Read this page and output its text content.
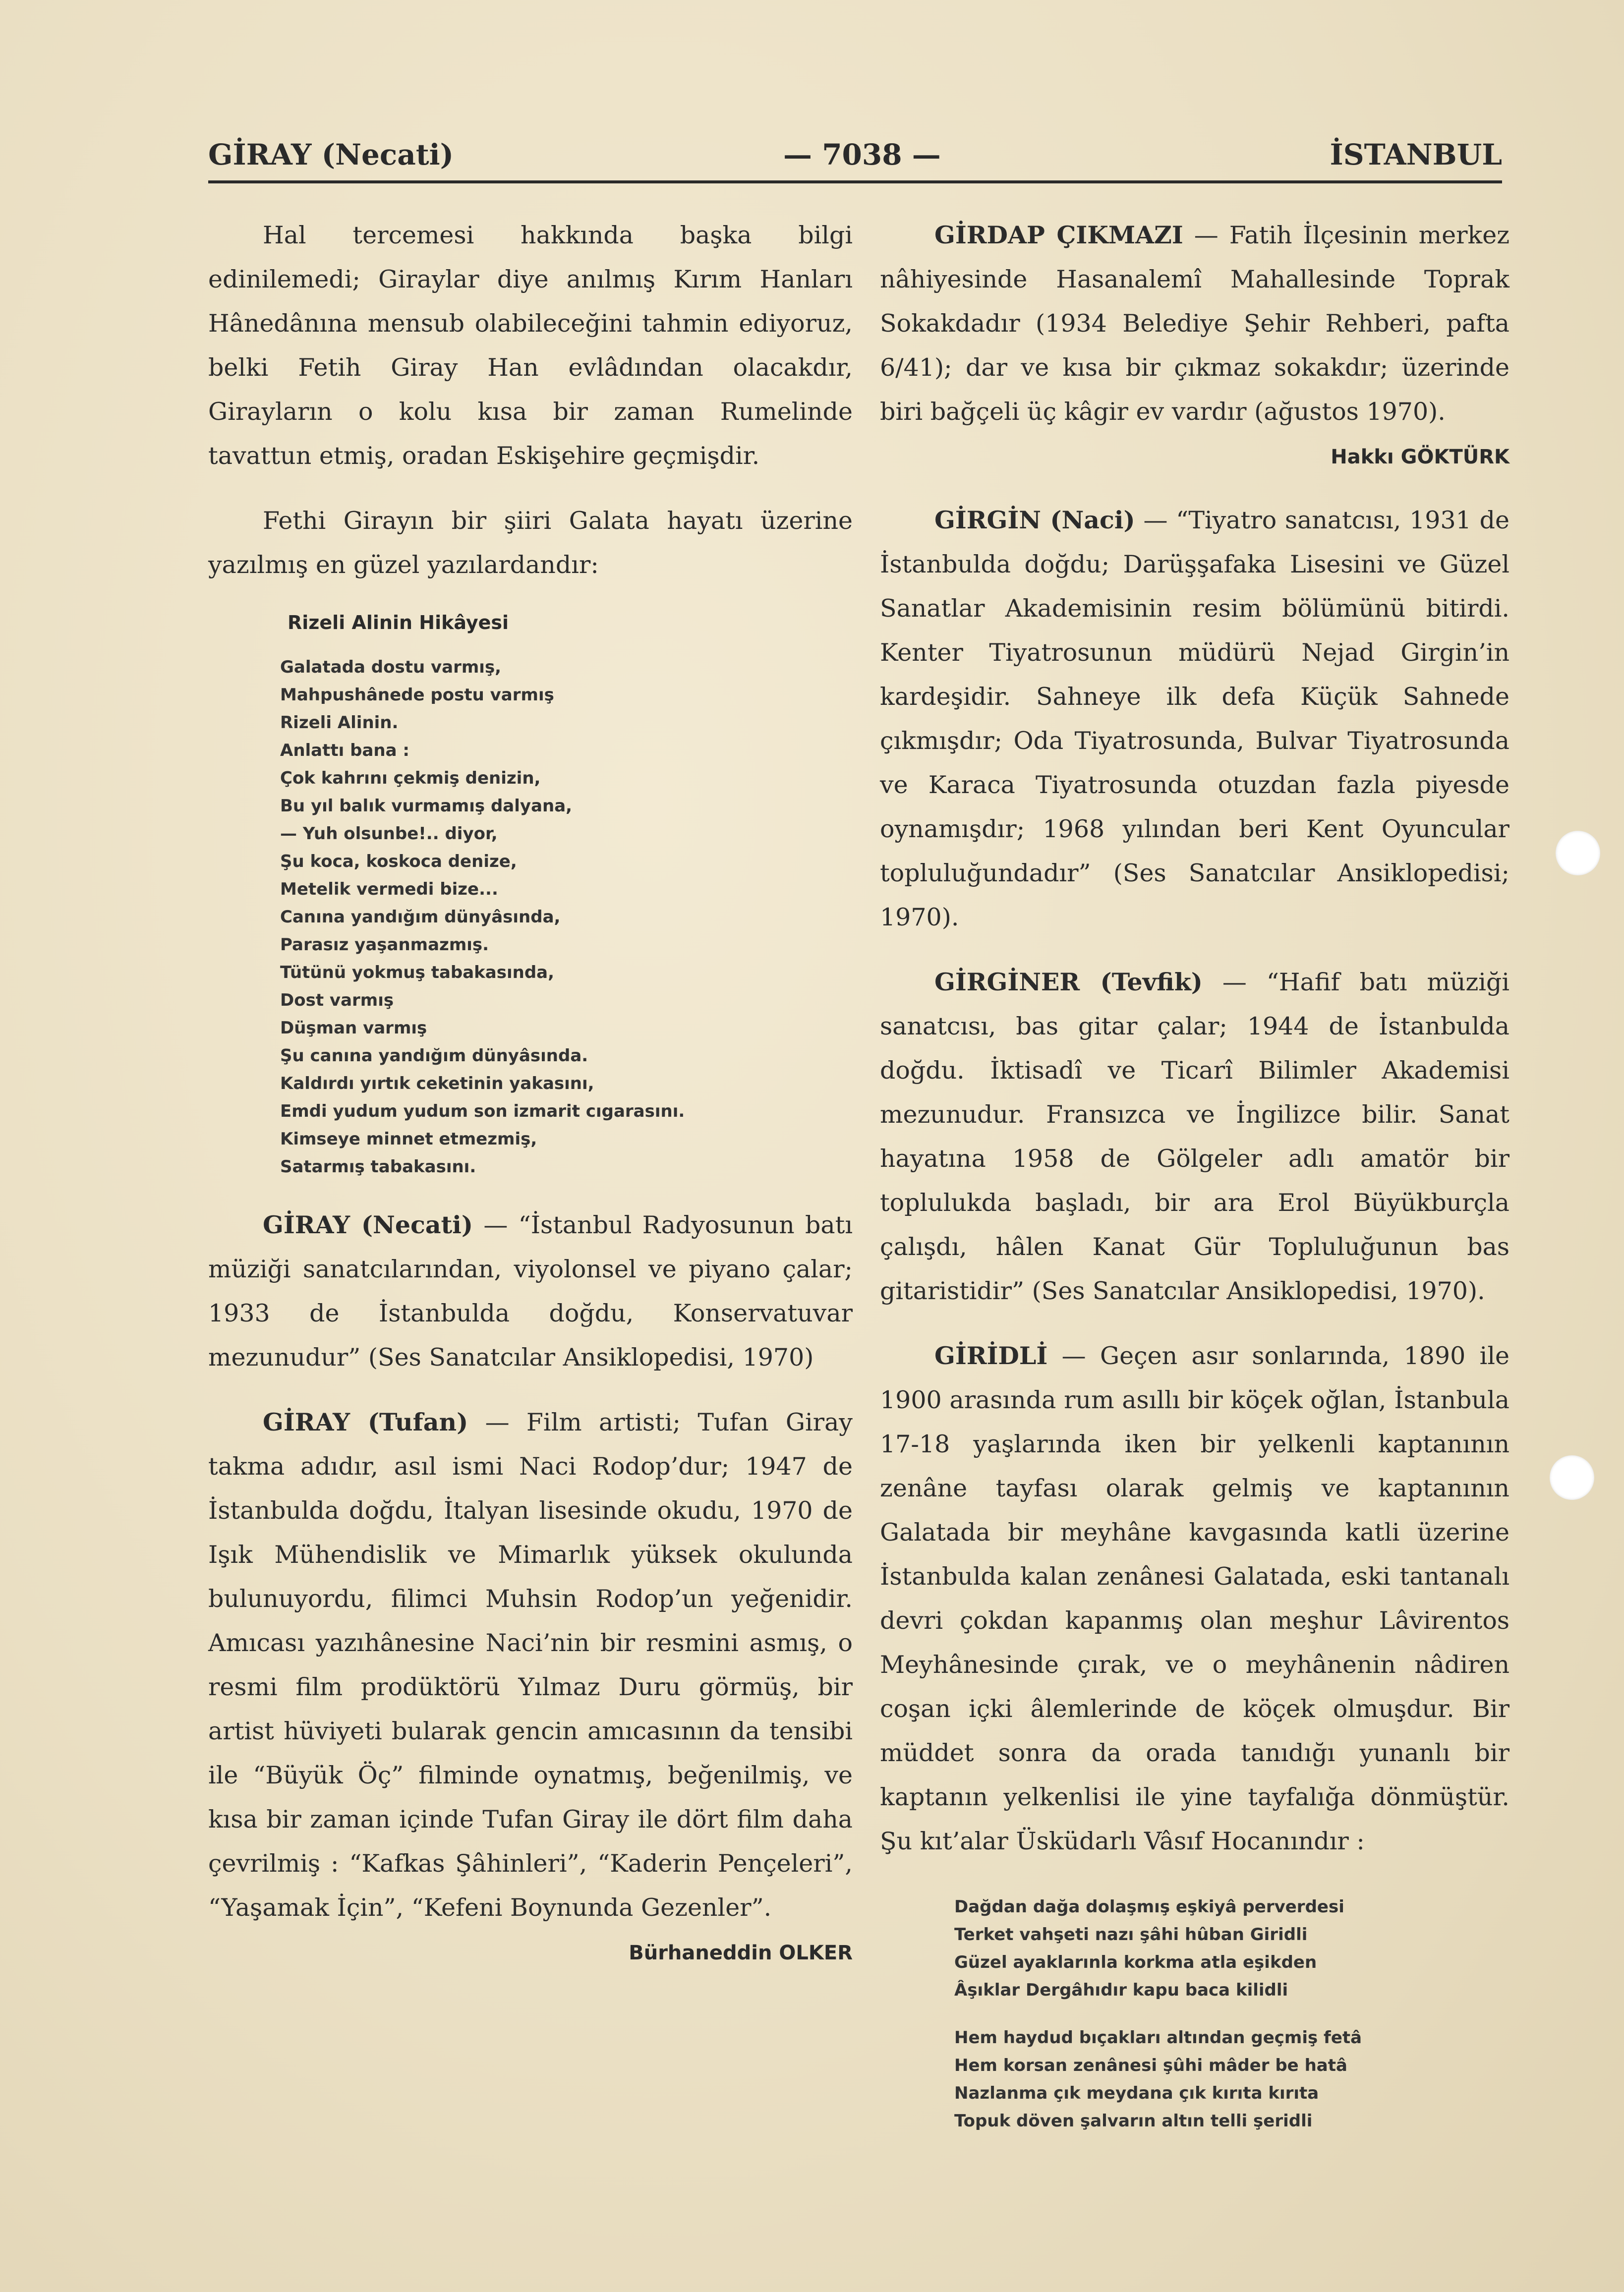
GİRAY (Necati)	— 7038 —	İSTANBUL

Hal tercemesi hakkında başka bilgi edinilemedi; Giraylar diye anılmış Kırım Hanları Hânedânına mensub olabileceğini tahmin ediyoruz, belki Fetih Giray Han evlâdından olacakdır, Girayların o kolu kısa bir zaman Rumelinde tavattun etmiş, oradan Eskişehire geçmişdir.

Fethi Girayın bir şiiri Galata hayatı üzerine yazılmış en güzel yazılardandır:

Rizeli Alinin Hikâyesi
Galatada dostu varmış,
Mahpushânede postu varmış
Rizeli Alinin.
Anlattı bana :
Çok kahrını çekmiş denizin,
Bu yıl balık vurmamış dalyana,
— Yuh olsunbe!.. diyor,
Şu koca, koskoca denize,
Metelik vermedi bize...
Canına yandığım dünyâsında,
Parasız yaşanmazmış.
Tütünü yokmuş tabakasında,
Dost varmış
Düşman varmış
Şu canına yandığım dünyâsında.
Kaldırdı yırtık ceketinin yakasını,
Emdi yudum yudum son izmarit cıgarasını.
Kimseye minnet etmezmiş,
Satarmış tabakasını.

GİRAY (Necati) — “İstanbul Radyosunun batı müziği sanatcılarından, viyolonsel ve piyano çalar; 1933 de İstanbulda doğdu, Konservatuvar mezunudur” (Ses Sanatcılar Ansiklopedisi, 1970)

GİRAY (Tufan) — Film artisti; Tufan Giray takma adıdır, asıl ismi Naci Rodop’dur; 1947 de İstanbulda doğdu, İtalyan lisesinde okudu, 1970 de Işık Mühendislik ve Mimarlık yüksek okulunda bulunuyordu, filimci Muhsin Rodop’un yeğenidir. Amıcası yazıhânesine Naci’nin bir resmini asmış, o resmi film prodüktörü Yılmaz Duru görmüş, bir artist hüviyeti bularak gencin amıcasının da tensibi ile “Büyük Öç” filminde oynatmış, beğenilmiş, ve kısa bir zaman içinde Tufan Giray ile dört film daha çevrilmiş : “Kafkas Şâhinleri”, “Kaderin Pençeleri”, “Yaşamak İçin”, “Kefeni Boynunda Gezenler”.

Bürhaneddin OLKER

GİRDAP ÇIKMAZI — Fatih İlçesinin merkez nâhiyesinde Hasanalemî Mahallesinde Toprak Sokakdadır (1934 Belediye Şehir Rehberi, pafta 6/41); dar ve kısa bir çıkmaz sokakdır; üzerinde biri bağçeli üç kâgir ev vardır (ağustos 1970).

Hakkı GÖKTÜRK

GİRGİN (Naci) — “Tiyatro sanatcısı, 1931 de İstanbulda doğdu; Darüşşafaka Lisesini ve Güzel Sanatlar Akademisinin resim bölümünü bitirdi. Kenter Tiyatrosunun müdürü Nejad Girgin’in kardeşidir. Sahneye ilk defa Küçük Sahnede çıkmışdır; Oda Tiyatrosunda, Bulvar Tiyatrosunda ve Karaca Tiyatrosunda otuzdan fazla piyesde oynamışdır; 1968 yılından beri Kent Oyuncular topluluğundadır” (Ses Sanatcılar Ansiklopedisi; 1970).

GİRGİNER (Tevfik) — “Hafif batı müziği sanatcısı, bas gitar çalar; 1944 de İstanbulda doğdu. İktisadî ve Ticarî Bilimler Akademisi mezunudur. Fransızca ve İngilizce bilir. Sanat hayatına 1958 de Gölgeler adlı amatör bir toplulukda başladı, bir ara Erol Büyükburçla çalışdı, hâlen Kanat Gür Topluluğunun bas gitaristidir” (Ses Sanatcılar Ansiklopedisi, 1970).

GİRİDLİ — Geçen asır sonlarında, 1890 ile 1900 arasında rum asıllı bir köçek oğlan, İstanbula 17-18 yaşlarında iken bir yelkenli kaptanının zenâne tayfası olarak gelmiş ve kaptanının Galatada bir meyhâne kavgasında katli üzerine İstanbulda kalan zenânesi Galatada, eski tantanalı devri çokdan kapanmış olan meşhur Lâvirentos Meyhânesinde çırak, ve o meyhânenin nâdiren coşan içki âlemlerinde de köçek olmuşdur. Bir müddet sonra da orada tanıdığı yunanlı bir kaptanın yelkenlisi ile yine tayfalığa dönmüştür. Şu kıt’alar Üsküdarlı Vâsıf Hocanındır :

Dağdan dağa dolaşmış eşkiyâ perverdesi
Terket vahşeti nazı şâhi hûban Giridli
Güzel ayaklarınla korkma atla eşikden
Âşıklar Dergâhıdır kapu baca kilidli
Hem haydud bıçakları altından geçmiş fetâ
Hem korsan zenânesi şûhi mâder be hatâ
Nazlanma çık meydana çık kırıta kırıta
Topuk döven şalvarın altın telli şeridli
